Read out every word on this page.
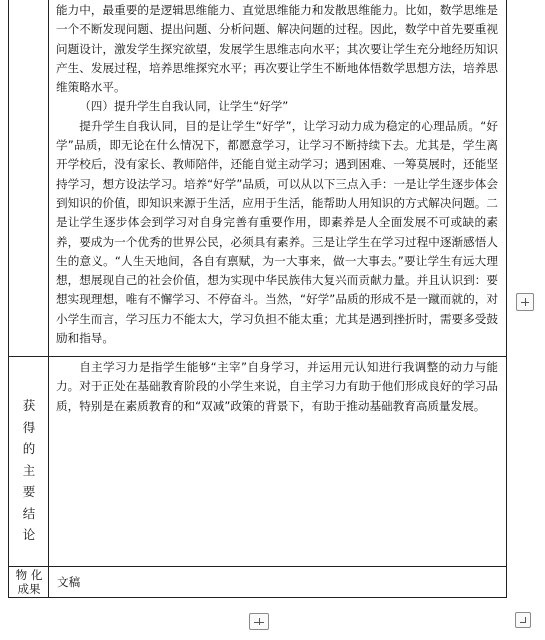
能力中，最重要的是逻辑思维能力、直觉思维能力和发散思维能力。比如，数学思维是一个不断发现问题、提出问题、分析问题、解决问题的过程。因此，数学中首先要重视问题设计，激发学生探究欲望，发展学生思维志向水平；其次要让学生充分地经历知识产生、发展过程，培养思维探究水平；再次要让学生不断地体悟数学思想方法，培养思维策略水平。

（四）提升学生自我认同，让学生“好学”

提升学生自我认同，目的是让学生“好学”，让学习动力成为稳定的心理品质。“好学”品质，即无论在什么情况下，都愿意学习，让学习不断持续下去。尤其是，学生离开学校后，没有家长、教师陪伴，还能自觉主动学习；遇到困难、一筹莫展时，还能坚持学习，想方设法学习。培养“好学”品质，可以从以下三点入手：一是让学生逐步体会到知识的价值，即知识来源于生活，应用于生活，能帮助人用知识的方式解决问题。二是让学生逐步体会到学习对自身完善有重要作用，即素养是人全面发展不可或缺的素养，要成为一个优秀的世界公民，必须具有素养。三是让学生在学习过程中逐渐感悟人生的意义。“人生天地间，各自有禀赋，为一大事来，做一大事去。”要让学生有远大理想，想展现自己的社会价值，想为实现中华民族伟大复兴而贡献力量。并且认识到：要想实现理想，唯有不懈学习、不停奋斗。当然，“好学”品质的形成不是一蹴而就的，对小学生而言，学习压力不能太大，学习负担不能太重；尤其是遇到挫折时，需要多受鼓励和指导。

获
得
的
主
要
结
论

自主学习力是指学生能够“主宰”自身学习，并运用元认知进行我调整的动力与能力。对于正处在基础教育阶段的小学生来说，自主学习力有助于他们形成良好的学习品质，特别是在素质教育的和“双减”政策的背景下，有助于推动基础教育高质量发展。

物 化
成果	文稿
